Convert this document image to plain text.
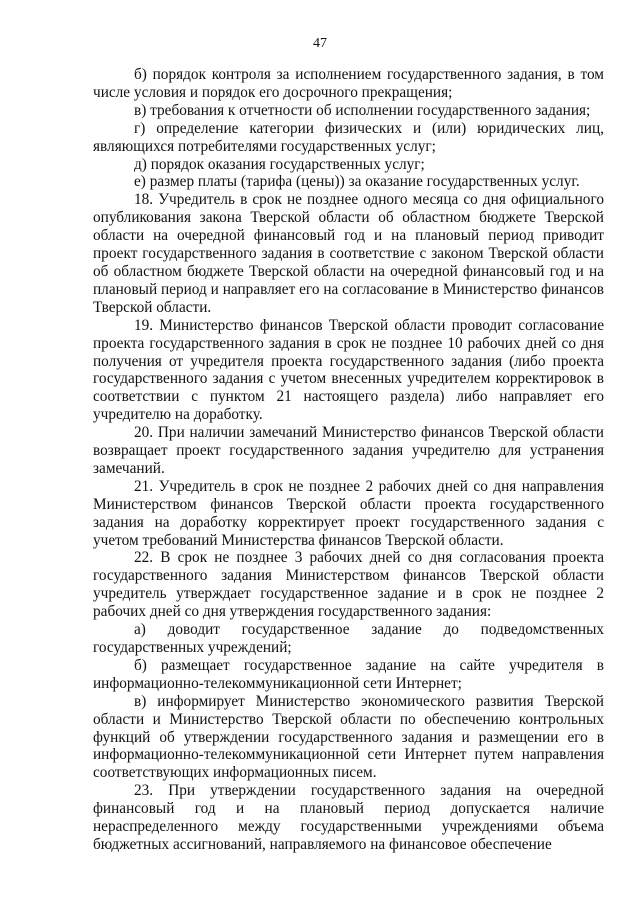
47

б) порядок контроля за исполнением государственного задания, в том числе условия и порядок его досрочного прекращения;

в) требования к отчетности об исполнении государственного задания;

г) определение категории физических и (или) юридических лиц, являющихся потребителями государственных услуг;

д) порядок оказания государственных услуг;

е) размер платы (тарифа (цены)) за оказание государственных услуг.

18. Учредитель в срок не позднее одного месяца со дня официального опубликования закона Тверской области об областном бюджете Тверской области на очередной финансовый год и на плановый период приводит проект государственного задания в соответствие с законом Тверской области об областном бюджете Тверской области на очередной финансовый год и на плановый период и направляет его на согласование в Министерство финансов Тверской области.

19. Министерство финансов Тверской области проводит согласование проекта государственного задания в срок не позднее 10 рабочих дней со дня получения от учредителя проекта государственного задания (либо проекта государственного задания с учетом внесенных учредителем корректировок в соответствии с пунктом 21 настоящего раздела) либо направляет его учредителю на доработку.

20. При наличии замечаний Министерство финансов Тверской области возвращает проект государственного задания учредителю для устранения замечаний.

21. Учредитель в срок не позднее 2 рабочих дней со дня направления Министерством финансов Тверской области проекта государственного задания на доработку корректирует проект государственного задания с учетом требований Министерства финансов Тверской области.

22. В срок не позднее 3 рабочих дней со дня согласования проекта государственного задания Министерством финансов Тверской области учредитель утверждает государственное задание и в срок не позднее 2 рабочих дней со дня утверждения государственного задания:

а) доводит государственное задание до подведомственных государственных учреждений;

б) размещает государственное задание на сайте учредителя в информационно-телекоммуникационной сети Интернет;

в) информирует Министерство экономического развития Тверской области и Министерство Тверской области по обеспечению контрольных функций об утверждении государственного задания и размещении его в информационно-телекоммуникационной сети Интернет путем направления соответствующих информационных писем.

23. При утверждении государственного задания на очередной финансовый год и на плановый период допускается наличие нераспределенного между государственными учреждениями объема бюджетных ассигнований, направляемого на финансовое обеспечение
